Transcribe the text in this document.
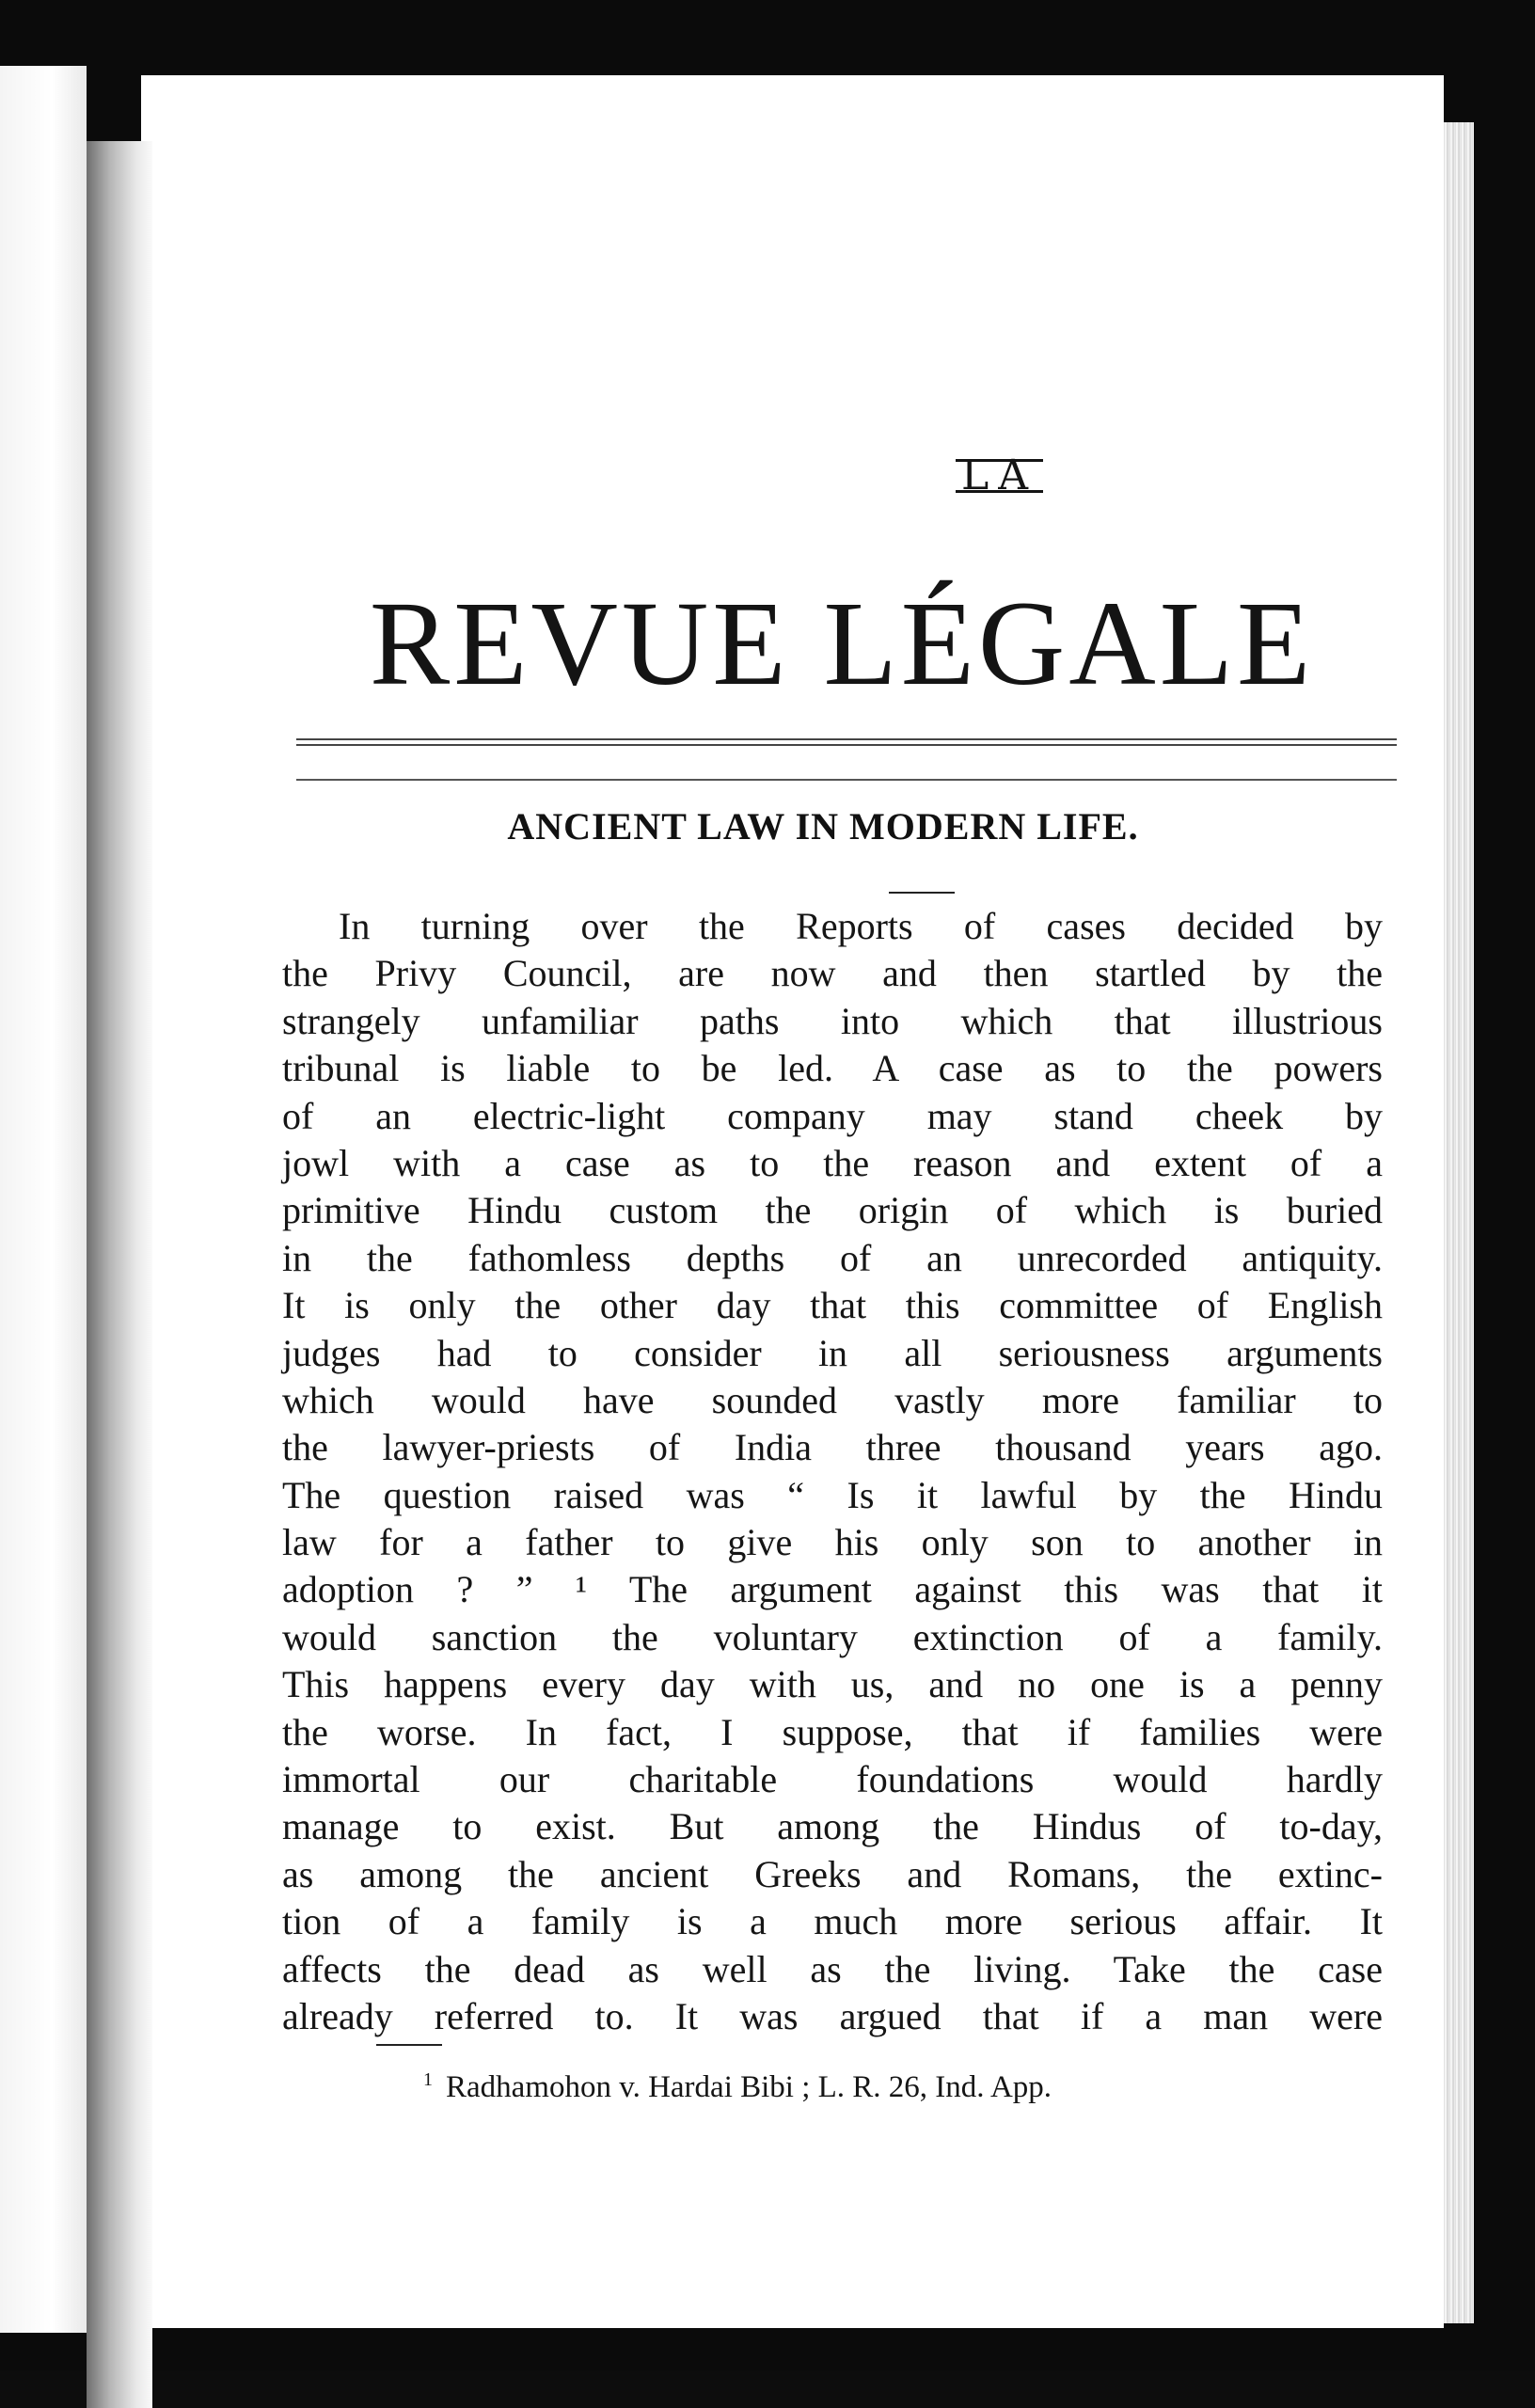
LA
REVUE LÉGALE
ANCIENT LAW IN MODERN LIFE.
In turning over the Reports of cases decided by
the Privy Council, are now and then startled by the
strangely unfamiliar paths into which that illustrious
tribunal is liable to be led. A case as to the powers
of an electric-light company may stand cheek by
jowl with a case as to the reason and extent of a
primitive Hindu custom the origin of which is buried
in the fathomless depths of an unrecorded antiquity.
It is only the other day that this committee of English
judges had to consider in all seriousness arguments
which would have sounded vastly more familiar to
the lawyer-priests of India three thousand years ago.
The question raised was “ Is it lawful by the Hindu
law for a father to give his only son to another in
adoption ? ” ¹ The argument against this was that it
would sanction the voluntary extinction of a family.
This happens every day with us, and no one is a penny
the worse. In fact, I suppose, that if families were
immortal our charitable foundations would hardly
manage to exist. But among the Hindus of to-day,
as among the ancient Greeks and Romans, the extinc-
tion of a family is a much more serious affair. It
affects the dead as well as the living. Take the case
already referred to. It was argued that if a man were
$^1$ Radhamohon v. Hardai Bibi ; L. R. 26, Ind. App.
